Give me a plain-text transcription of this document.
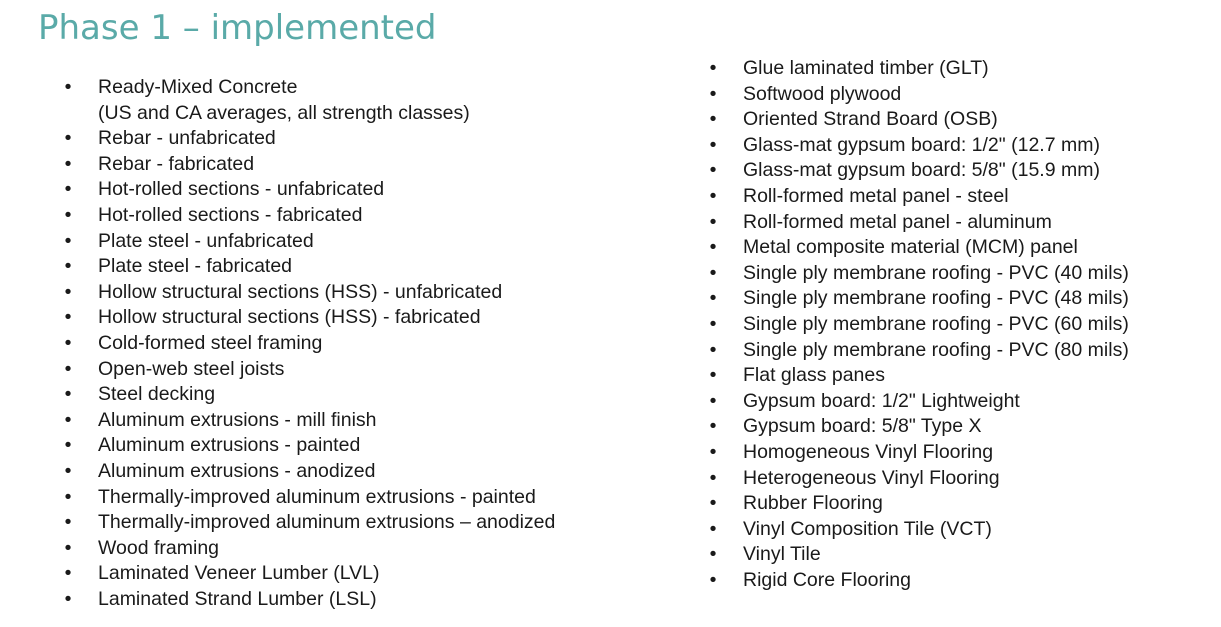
Phase 1 – implemented
• Ready-Mixed Concrete
(US and CA averages, all strength classes)
• Rebar - unfabricated
• Rebar - fabricated
• Hot-rolled sections - unfabricated
• Hot-rolled sections - fabricated
• Plate steel - unfabricated
• Plate steel - fabricated
• Hollow structural sections (HSS) - unfabricated
• Hollow structural sections (HSS) - fabricated
• Cold-formed steel framing
• Open-web steel joists
• Steel decking
• Aluminum extrusions - mill finish
• Aluminum extrusions - painted
• Aluminum extrusions - anodized
• Thermally-improved aluminum extrusions - painted
• Thermally-improved aluminum extrusions – anodized
• Wood framing
• Laminated Veneer Lumber (LVL)
• Laminated Strand Lumber (LSL)
• Glue laminated timber (GLT)
• Softwood plywood
• Oriented Strand Board (OSB)
• Glass-mat gypsum board: 1/2" (12.7 mm)
• Glass-mat gypsum board: 5/8" (15.9 mm)
• Roll-formed metal panel - steel
• Roll-formed metal panel - aluminum
• Metal composite material (MCM) panel
• Single ply membrane roofing - PVC (40 mils)
• Single ply membrane roofing - PVC (48 mils)
• Single ply membrane roofing - PVC (60 mils)
• Single ply membrane roofing - PVC (80 mils)
• Flat glass panes
• Gypsum board: 1/2" Lightweight
• Gypsum board: 5/8" Type X
• Homogeneous Vinyl Flooring
• Heterogeneous Vinyl Flooring
• Rubber Flooring
• Vinyl Composition Tile (VCT)
• Vinyl Tile
• Rigid Core Flooring
